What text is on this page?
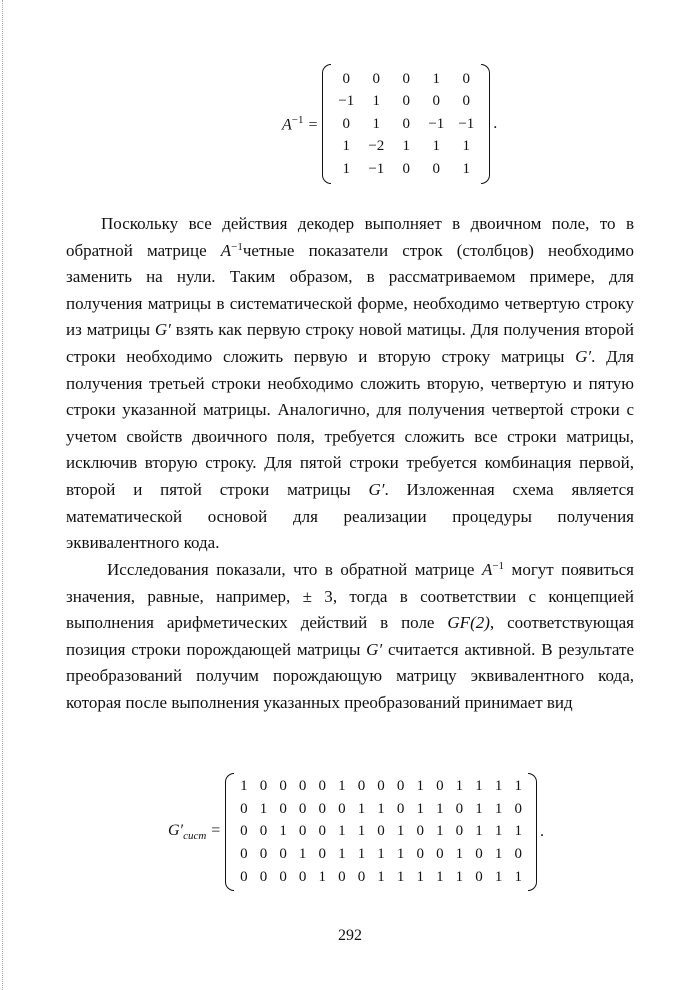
$A^{-1}$ =
0	0	0	1	0
−1	1	0	0	0
0	1	0	−1	−1
1	−2	1	1	1
1	−1	0	0	1
.

Поскольку все действия декодер выполняет в двоичном поле, то в обратной матрице $A^{-1}четные$ показатели строк (столбцов) необходимо заменить на нули. Таким образом, в рассматриваемом примере, для получения матрицы в систематической форме, необходимо четвертую строку из матрицы G′ взять как первую строку новой матицы. Для получения второй строки необходимо сложить первую и вторую строку матрицы G′. Для получения третьей строки необходимо сложить вторую, четвертую и пятую строки указанной матрицы. Аналогично, для получения четвертой строки с учетом свойств двоичного поля, требуется сложить все строки матрицы, исключив вторую строку. Для пятой строки требуется комбинация первой, второй и пятой строки матрицы G′. Изложенная схема является математической основой для реализации процедуры получения эквивалентного кода.

Исследования показали, что в обратной матрице $A^{-1}$ могут появиться значения, равные, например, ± 3, тогда в соответствии с концепцией выполнения арифметических действий в поле GF(2), соответствующая позиция строки порождающей матрицы G′ считается активной. В результате преобразований получим порождающую матрицу эквивалентного кода, которая после выполнения указанных преобразований принимает вид

$G'_{сист}$ =
1	0	0	0	0	1	0	0	0	1	0	1	1	1	1
0	1	0	0	0	0	1	1	0	1	1	0	1	1	0
0	0	1	0	0	1	1	0	1	0	1	0	1	1	1
0	0	0	1	0	1	1	1	1	0	0	1	0	1	0
0	0	0	0	1	0	0	1	1	1	1	1	0	1	1
.
292
